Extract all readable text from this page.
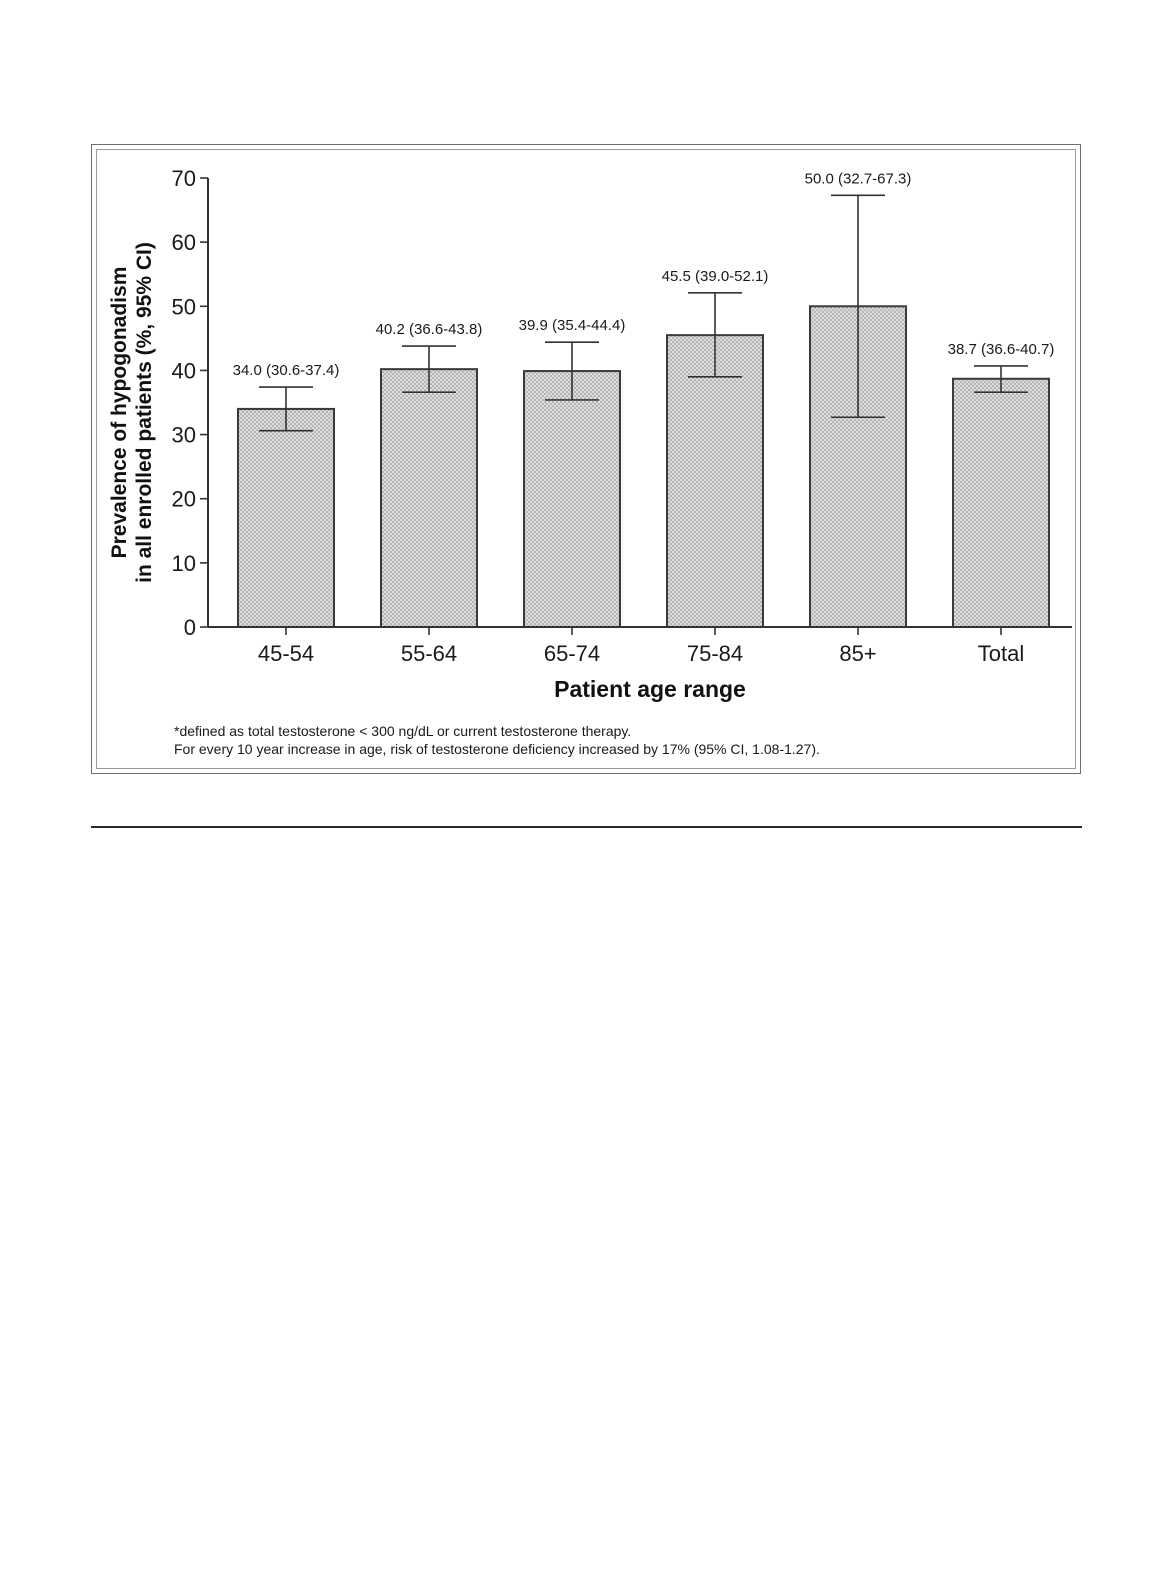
34.0 (30.6-37.4)
40.2 (36.6-43.8) 39.9 (35.4-44.4)
45.5 (39.0-52.1)
50.0 (32.7-67.3)
38.7 (36.6-40.7)
0
10
20
30
40
50
60
70
45-54	55-64	65-74	75-84	85+	Total
Patient age range
Prevalence of hypogonadism in all enrolled patients (%, 95% CI)
*defined as total testosterone < 300 ng/dL or current testosterone therapy.
For every 10 year increase in age, risk of testosterone deficiency increased by 17% (95% CI, 1.08-1.27).
